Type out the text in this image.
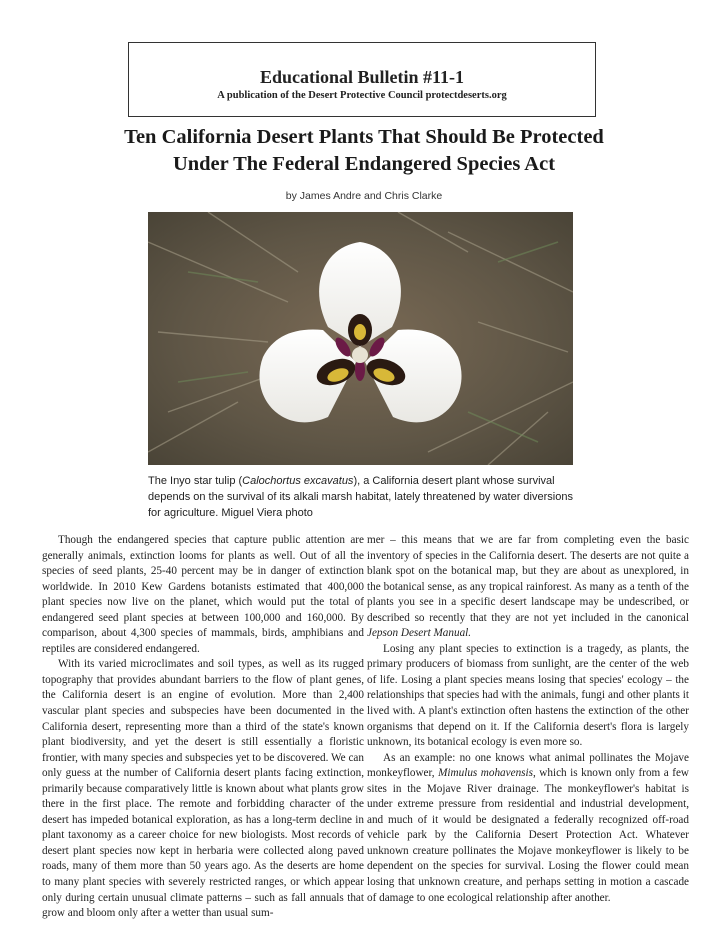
Educational Bulletin #11-1
A publication of the Desert Protective Council protectdeserts.org
Ten California Desert Plants That Should Be Protected
Under The Federal Endangered Species Act
by James Andre and Chris Clarke
The Inyo star tulip (Calochortus excavatus), a California desert plant whose survival depends on the survival of its alkali marsh habitat, lately threatened by water diversions for agriculture. Miguel Viera photo

Though the endangered species that capture public attention are generally animals, extinction looms for plants as well. Out of all the species of seed plants, 25-40 percent may be in danger of extinction worldwide. In 2010 Kew Gardens botanists estimated that 400,000 plant species now live on the planet, which would put the total of endangered seed plant species at between 100,000 and 160,000. By comparison, about 4,300 species of mammals, birds, amphibians and reptiles are considered endangered.

With its varied microclimates and soil types, as well as its rugged topography that provides abundant barriers to the flow of plant genes, the California desert is an engine of evolution. More than 2,400 vascular plant species and subspecies have been documented in the California desert, representing more than a third of the state's known plant biodiversity, and yet the desert is still essentially a floristic frontier, with many species and subspecies yet to be discovered. We can only guess at the number of California desert plants facing extinction, primarily because comparatively little is known about what plants grow there in the first place. The remote and forbidding character of the desert has impeded botanical exploration, as has a long-term decline in plant taxonomy as a career choice for new biologists. Most records of desert plant species now kept in herbaria were collected along paved roads, many of them more than 50 years ago. As the deserts are home to many plant species with severely restricted ranges, or which appear only during certain unusual climate patterns – such as fall annuals that grow and bloom only after a wetter than usual sum-

mer – this means that we are far from completing even the basic inventory of species in the California desert. The deserts are not quite a blank spot on the botanical map, but they are about as unexplored, in the botanical sense, as any tropical rainforest. As many as a tenth of the plants you see in a specific desert landscape may be undescribed, or described so recently that they are not yet included in the canonical Jepson Desert Manual.

Losing any plant species to extinction is a tragedy, as plants, the primary producers of biomass from sunlight, are the center of the web of life. Losing a plant species means losing that species' ecology – the relationships that species had with the animals, fungi and other plants it lived with. A plant's extinction often hastens the extinction of the other organisms that depend on it. If the California desert's flora is largely unknown, its botanical ecology is even more so.

As an example: no one knows what animal pollinates the Mojave monkeyflower, Mimulus mohavensis, which is known only from a few sites in the Mojave River drainage. The monkeyflower's habitat is under extreme pressure from residential and industrial development, and much of it would be designated a federally recognized off-road vehicle park by the California Desert Protection Act. Whatever unknown creature pollinates the Mojave monkeyflower is likely to be dependent on the species for survival. Losing the flower could mean losing that unknown creature, and perhaps setting in motion a cascade of damage to one ecological relationship after another.
